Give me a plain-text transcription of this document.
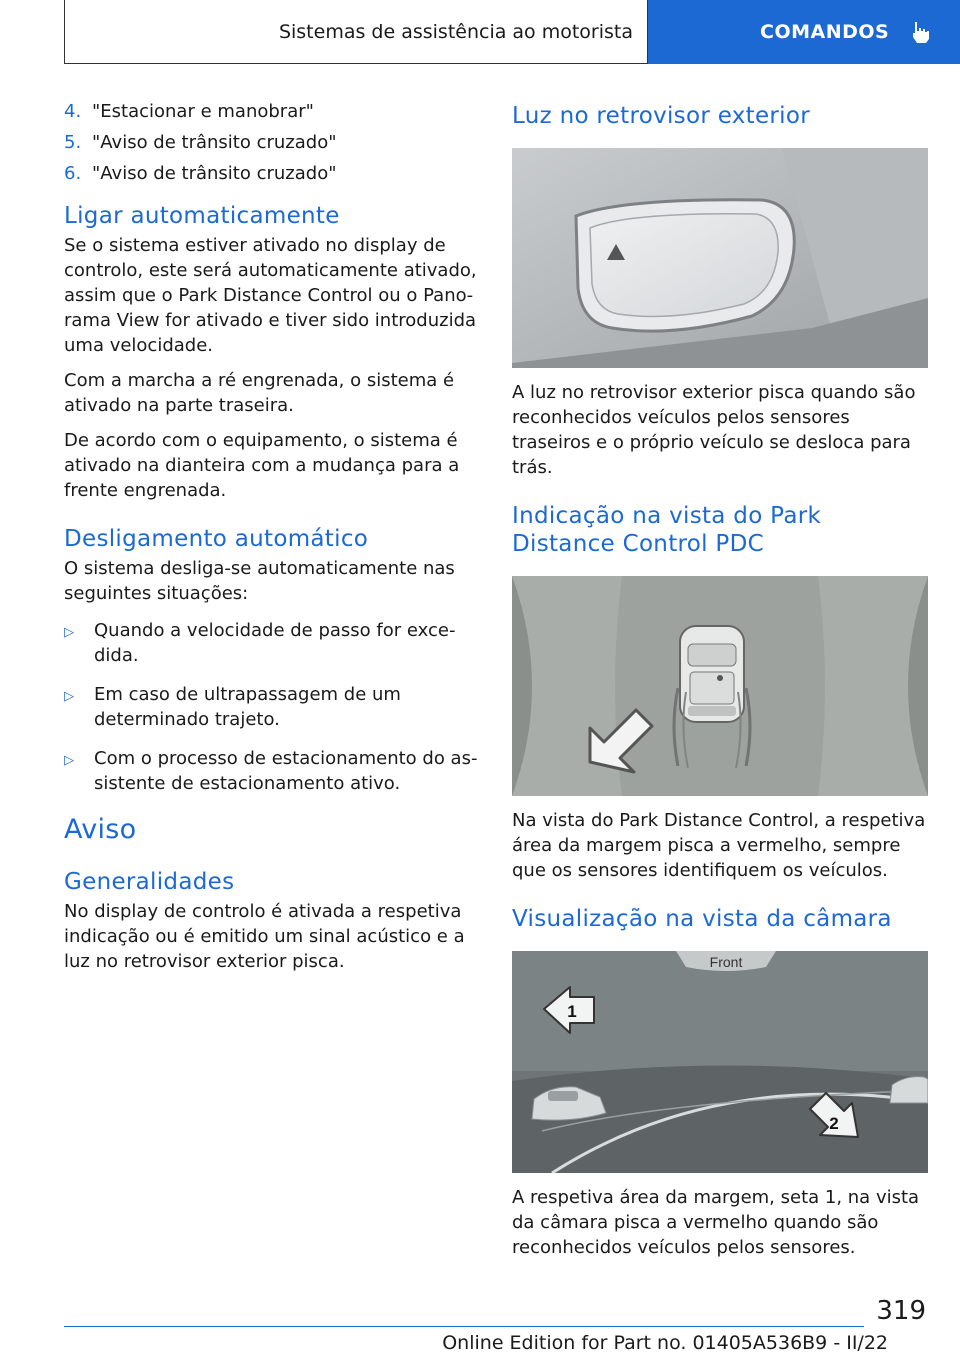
Sistemas de assistência ao motorista	COMANDOS
4. "Estacionar e manobrar"
5. "Aviso de trânsito cruzado"
6. "Aviso de trânsito cruzado"
Ligar automaticamente

Se o sistema estiver ativado no display de controlo, este será automaticamente ativado, assim que o Park Distance Control ou o Panorama View for ativado e tiver sido introduzida uma velocidade.

Com a marcha a ré engrenada, o sistema é ativado na parte traseira.

De acordo com o equipamento, o sistema é ativado na dianteira com a mudança para a frente engrenada.

Desligamento automático

O sistema desliga-se automaticamente nas seguintes situações:

▷	Quando a velocidade de passo for excedida.
▷	Em caso de ultrapassagem de um determinado trajeto.
▷	Com o processo de estacionamento do assistente de estacionamento ativo.
Aviso
Generalidades

No display de controlo é ativada a respetiva indicação ou é emitido um sinal acústico e a luz no retrovisor exterior pisca.

Luz no retrovisor exterior

A luz no retrovisor exterior pisca quando são reconhecidos veículos pelos sensores traseiros e o próprio veículo se desloca para trás.

Indicação na vista do Park Distance Control PDC

Na vista do Park Distance Control, a respetiva área da margem pisca a vermelho, sempre que os sensores identifiquem os veículos.

Visualização na vista da câmara
Front
1
2

A respetiva área da margem, seta 1, na vista da câmara pisca a vermelho quando são reconhecidos veículos pelos sensores.

319
Online Edition for Part no. 01405A536B9 - II/22
